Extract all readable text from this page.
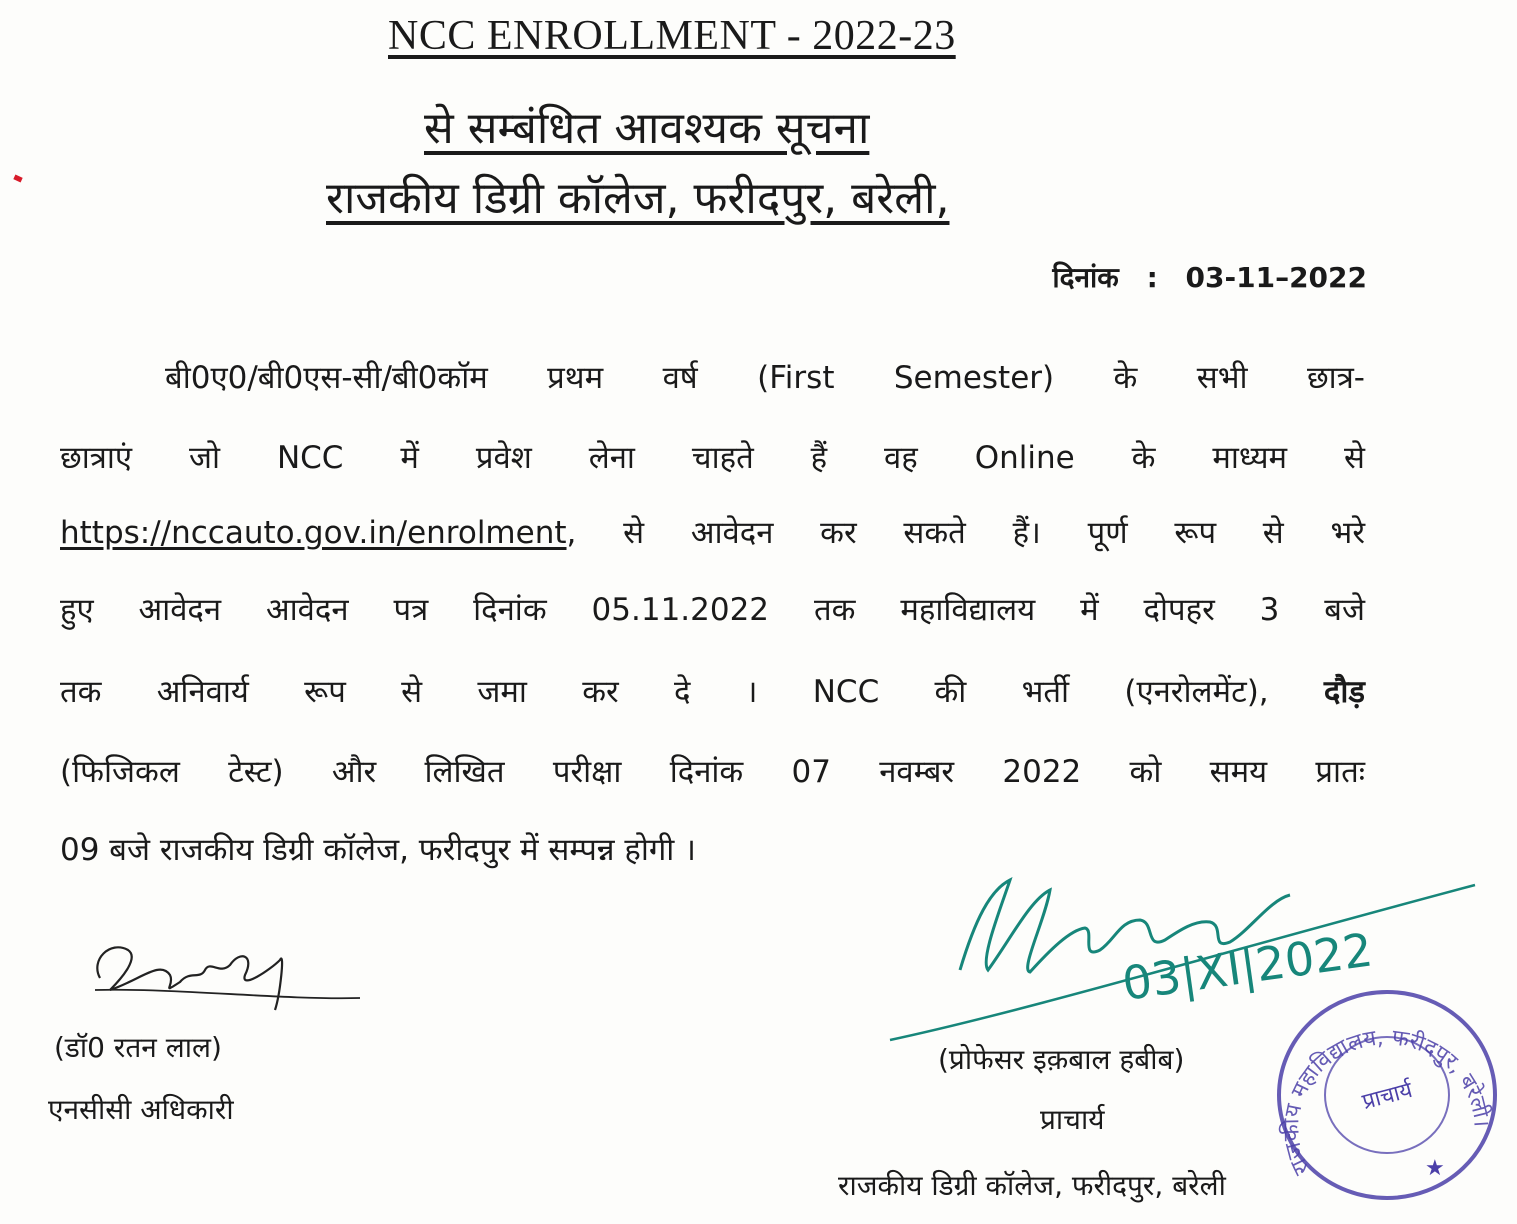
NCC ENROLLMENT - 2022-23
से सम्बंधित आवश्यक सूचना
राजकीय डिग्री कॉलेज, फरीदपुर, बरेली,
दिनांक : 03-11–2022
बी0ए0/बी0एस-सी/बी0कॉम प्रथम वर्ष (First Semester) के सभी छात्र-
छात्राएं जो NCC में प्रवेश लेना चाहते हैं वह Online के माध्यम से
https://nccauto.gov.in/enrolment, से आवेदन कर सकते हैं। पूर्ण रूप से भरे
हुए आवेदन आवेदन पत्र दिनांक 05.11.2022 तक महाविद्यालय में दोपहर 3 बजे
तक अनिवार्य रूप से जमा कर दे । NCC की भर्ती (एनरोलमेंट), दौड़
(फिजिकल टेस्ट) और लिखित परीक्षा दिनांक 07 नवम्बर 2022 को समय प्रातः
09 बजे राजकीय डिग्री कॉलेज, फरीदपुर में सम्पन्न होगी ।
(डॉ0 रतन लाल)
एनसीसी अधिकारी
03|XI|2022
(प्रोफेसर इक़बाल हबीब)
प्राचार्य
राजकीय डिग्री कॉलेज, फरीदपुर, बरेली
राजकीय महाविद्यालय, फरीदपुर, बरेली।
प्राचार्य
★
